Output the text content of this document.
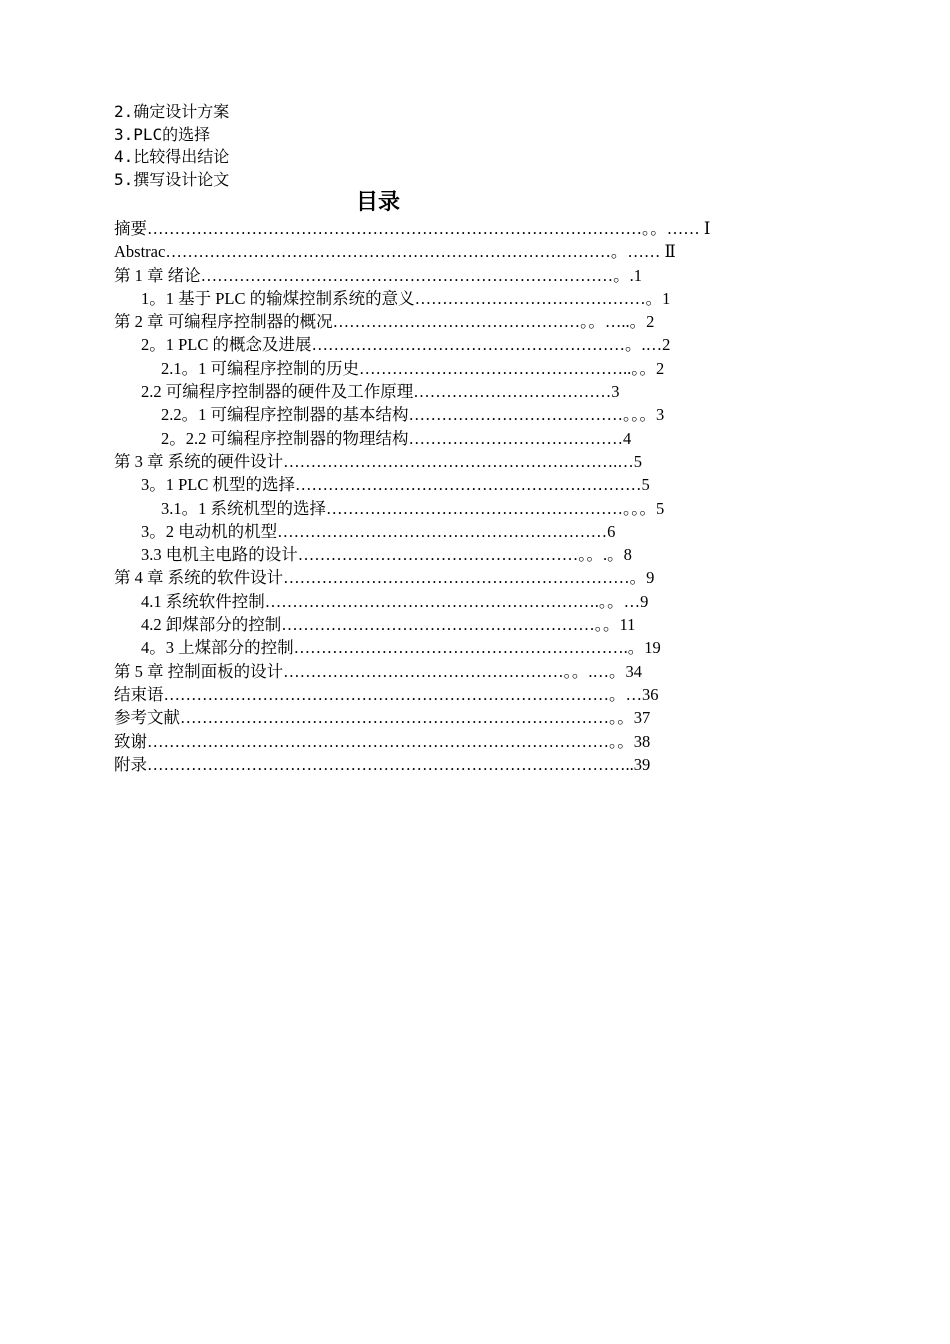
2.确定设计方案
3.PLC的选择
4.比较得出结论
5.撰写设计论文
目录
摘要………………………………………………………………………………。。…… Ⅰ
Abstrac………………………………………………………………………。…… Ⅱ
第 1 章 绪论…………………………………………………………………。.1
1。1 基于 PLC 的输煤控制系统的意义……………………………………。1
第 2 章 可编程序控制器的概况………………………………………。。…..。2
2。1 PLC 的概念及进展…………………………………………………。.…2
2.1。1 可编程序控制的历史…………………………………………..。。2
2.2 可编程序控制器的硬件及工作原理………………………………3
2.2。1 可编程序控制器的基本结构…………………………………。。。3
2。2.2 可编程序控制器的物理结构…………………………………4
第 3 章 系统的硬件设计…………………………………………………….…5
3。1 PLC 机型的选择………………………………………………………5
3.1。1 系统机型的选择………………………………………………。。。5
3。2 电动机的机型……………………………………………………6
3.3 电机主电路的设计……………………………………………。。.。8
第 4 章 系统的软件设计………………………………………………………。9
4.1 系统软件控制…………………………………………………….。。…9
4.2 卸煤部分的控制…………………………………………………。。11
4。3 上煤部分的控制…………………………………………………….。19
第 5 章 控制面板的设计……………………………………………。。.…。34
结束语………………………………………………………………………。…36
参考文献……………………………………………………………………。。37
致谢…………………………………………………………………………。。38
附录……………………………………………………………………………..39
